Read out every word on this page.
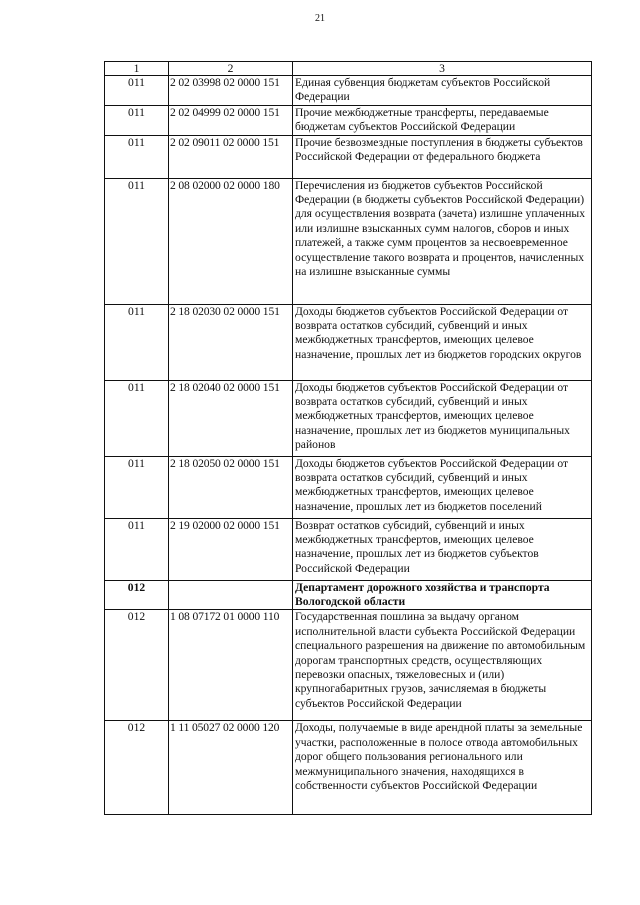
21
1	2	3
011	2 02 03998 02 0000 151	Единая субвенция бюджетам субъектов Российской Федерации
011	2 02 04999 02 0000 151	Прочие межбюджетные трансферты, передаваемые бюджетам субъектов Российской Федерации
011	2 02 09011 02 0000 151	Прочие безвозмездные поступления в бюджеты субъектов Российской Федерации от федерального бюджета
011	2 08 02000 02 0000 180	Перечисления из бюджетов субъектов Российской Федерации (в бюджеты субъектов Российской Федерации) для осуществления возврата (зачета) излишне уплаченных или излишне взысканных сумм налогов, сборов и иных платежей, а также сумм процентов за несвоевременное осуществление такого возврата и процентов, начисленных на излишне взысканные суммы
011	2 18 02030 02 0000 151	Доходы бюджетов субъектов Российской Федерации от возврата остатков субсидий, субвенций и иных межбюджетных трансфертов, имеющих целевое назначение, прошлых лет из бюджетов городских округов
011	2 18 02040 02 0000 151	Доходы бюджетов субъектов Российской Федерации от возврата остатков субсидий, субвенций и иных межбюджетных трансфертов, имеющих целевое назначение, прошлых лет из бюджетов муниципальных районов
011	2 18 02050 02 0000 151	Доходы бюджетов субъектов Российской Федерации от возврата остатков субсидий, субвенций и иных межбюджетных трансфертов, имеющих целевое назначение, прошлых лет из бюджетов поселений
011	2 19 02000 02 0000 151	Возврат остатков субсидий, субвенций и иных межбюджетных трансфертов, имеющих целевое назначение, прошлых лет из бюджетов субъектов Российской Федерации
012		Департамент дорожного хозяйства и транспорта Вологодской области
012	1 08 07172 01 0000 110	Государственная пошлина за выдачу органом исполнительной власти субъекта Российской Федерации специального разрешения на движение по автомобильным дорогам транспортных средств, осуществляющих перевозки опасных, тяжеловесных и (или) крупногабаритных грузов, зачисляемая в бюджеты субъектов Российской Федерации
012	1 11 05027 02 0000 120	Доходы, получаемые в виде арендной платы за земельные участки, расположенные в полосе отвода автомобильных дорог общего пользования регионального или межмуниципального значения, находящихся в собственности субъектов Российской Федерации
